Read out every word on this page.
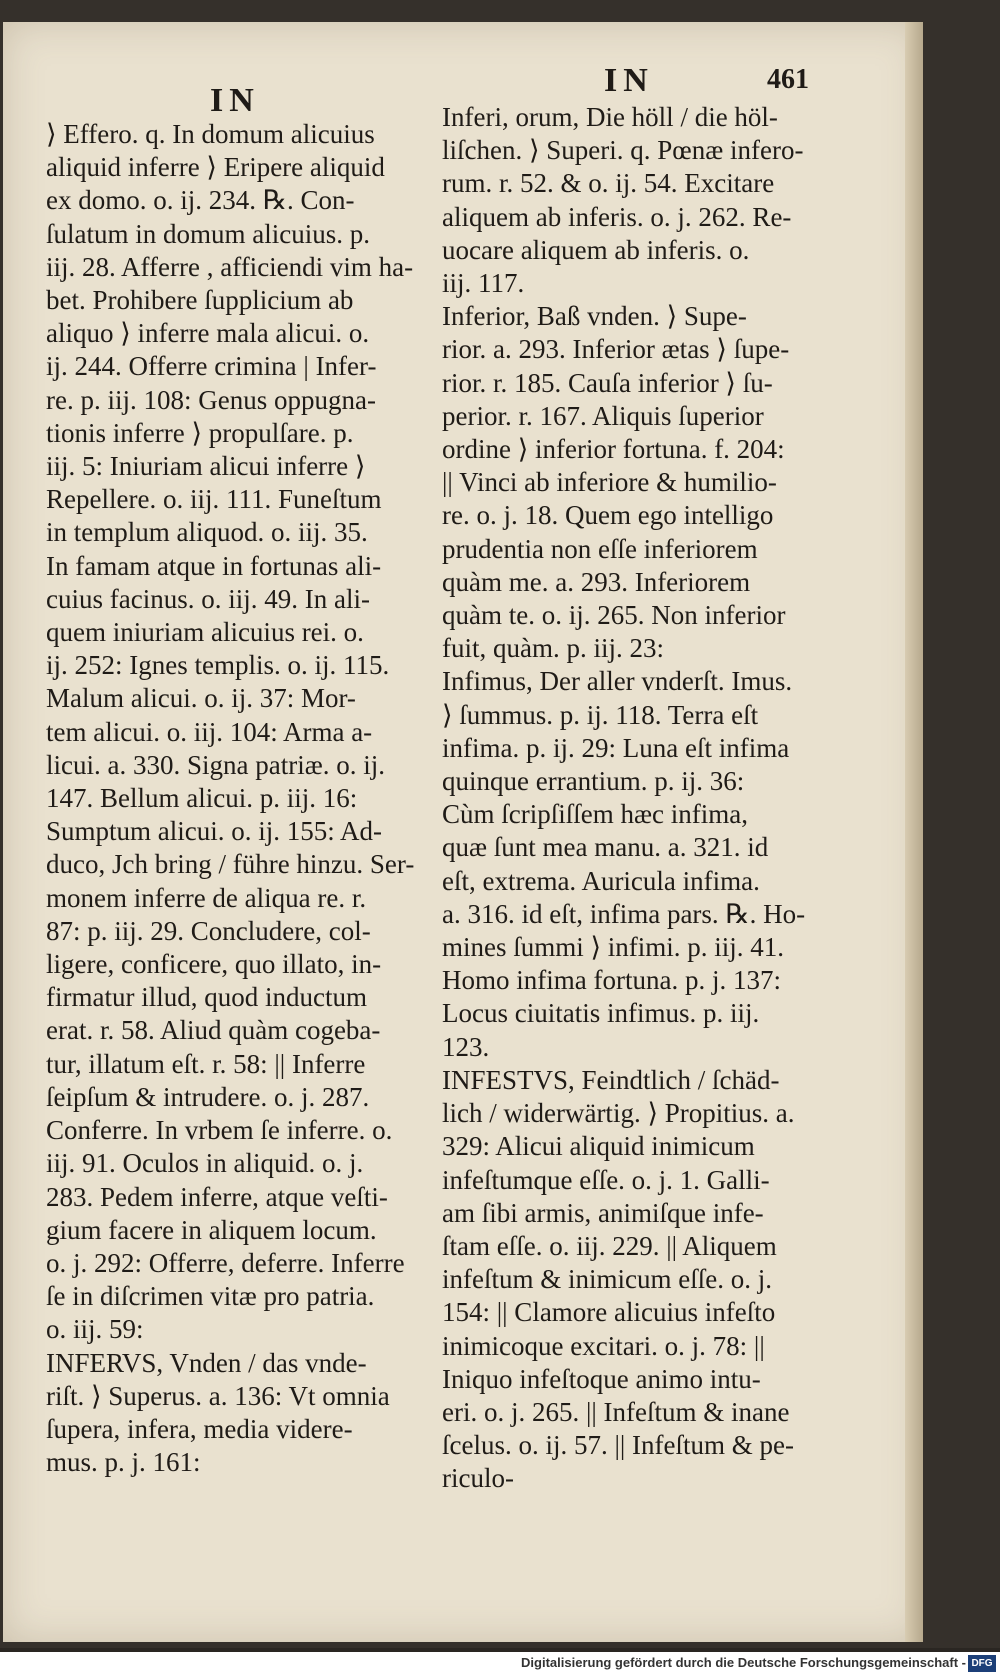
IN
IN	461
⟩ Effero. q. In domum alicuius
aliquid inferre ⟩ Eripere aliquid
ex domo. o. ij. 234. ℞. Con-
ſulatum in domum alicuius. p.
iij. 28. Afferre , afficiendi vim ha-
bet. Prohibere ſupplicium ab
aliquo ⟩ inferre mala alicui. o.
ij. 244. Offerre crimina | Infer-
re. p. iij. 108: Genus oppugna-
tionis inferre ⟩ propulſare. p.
iij. 5: Iniuriam alicui inferre ⟩
Repellere. o. iij. 111. Funeſtum
in templum aliquod. o. iij. 35.
In famam atque in fortunas ali-
cuius facinus. o. iij. 49. In ali-
quem iniuriam alicuius rei. o.
ij. 252: Ignes templis. o. ij. 115.
Malum alicui. o. ij. 37: Mor-
tem alicui. o. iij. 104: Arma a-
licui. a. 330. Signa patriæ. o. ij.
147. Bellum alicui. p. iij. 16:
Sumptum alicui. o. ij. 155: Ad-
duco, Jch bring / führe hinzu. Ser-
monem inferre de aliqua re. r.
87: p. iij. 29. Concludere, col-
ligere, conficere, quo illato, in-
firmatur illud, quod inductum
erat. r. 58. Aliud quàm cogeba-
tur, illatum eſt. r. 58: || Inferre
ſeipſum & intrudere. o. j. 287.
Conferre. In vrbem ſe inferre. o.
iij. 91. Oculos in aliquid. o. j.
283. Pedem inferre, atque veſti-
gium facere in aliquem locum.
o. j. 292: Offerre, deferre. Inferre
ſe in diſcrimen vitæ pro patria.
o. iij. 59:
INFERVS, Vnden / das vnde-
riſt. ⟩ Superus. a. 136: Vt omnia
ſupera, infera, media videre-
mus. p. j. 161:
Inferi, orum, Die höll / die höl-
liſchen. ⟩ Superi. q. Pœnæ infero-
rum. r. 52. & o. ij. 54. Excitare
aliquem ab inferis. o. j. 262. Re-
uocare aliquem ab inferis. o.
iij. 117.
Inferior, Baß vnden. ⟩ Supe-
rior. a. 293. Inferior ætas ⟩ ſupe-
rior. r. 185. Cauſa inferior ⟩ ſu-
perior. r. 167. Aliquis ſuperior
ordine ⟩ inferior fortuna. f. 204:
|| Vinci ab inferiore & humilio-
re. o. j. 18. Quem ego intelligo
prudentia non eſſe inferiorem
quàm me. a. 293. Inferiorem
quàm te. o. ij. 265. Non inferior
fuit, quàm. p. iij. 23:
Infimus, Der aller vnderſt. Imus.
⟩ ſummus. p. ij. 118. Terra eſt
infima. p. ij. 29: Luna eſt infima
quinque errantium. p. ij. 36:
Cùm ſcripſiſſem hæc infima,
quæ ſunt mea manu. a. 321. id
eſt, extrema. Auricula infima.
a. 316. id eſt, infima pars. ℞. Ho-
mines ſummi ⟩ infimi. p. iij. 41.
Homo infima fortuna. p. j. 137:
Locus ciuitatis infimus. p. iij.
123.
INFESTVS, Feindtlich / ſchäd-
lich / widerwärtig. ⟩ Propitius. a.
329: Alicui aliquid inimicum
infeſtumque eſſe. o. j. 1. Galli-
am ſibi armis, animiſque infe-
ſtam eſſe. o. iij. 229. || Aliquem
infeſtum & inimicum eſſe. o. j.
154: || Clamore alicuius infeſto
inimicoque excitari. o. j. 78: ||
Iniquo infeſtoque animo intu-
eri. o. j. 265. || Infeſtum & inane
ſcelus. o. ij. 57. || Infeſtum & pe-
riculo-
Digitalisierung gefördert durch die Deutsche Forschungsgemeinschaft - DFG
